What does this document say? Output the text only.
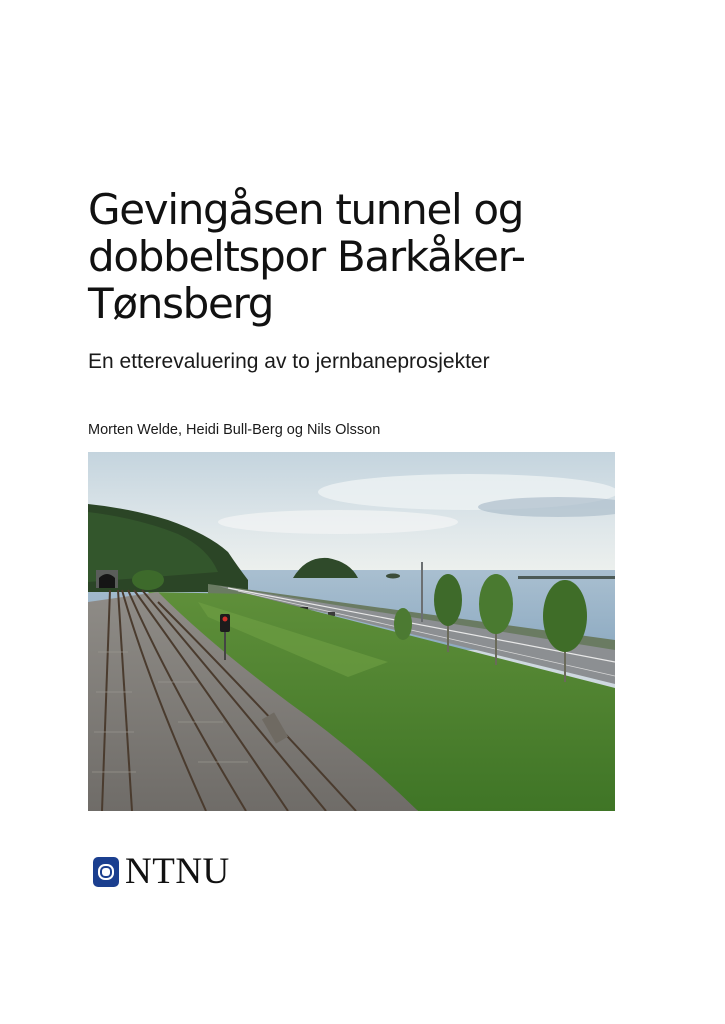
Gevingåsen tunnel og
dobbeltspor Barkåker-
Tønsberg

En etterevaluering av to jernbaneprosjekter

Morten Welde, Heidi Bull-Berg og Nils Olsson

NTNU
